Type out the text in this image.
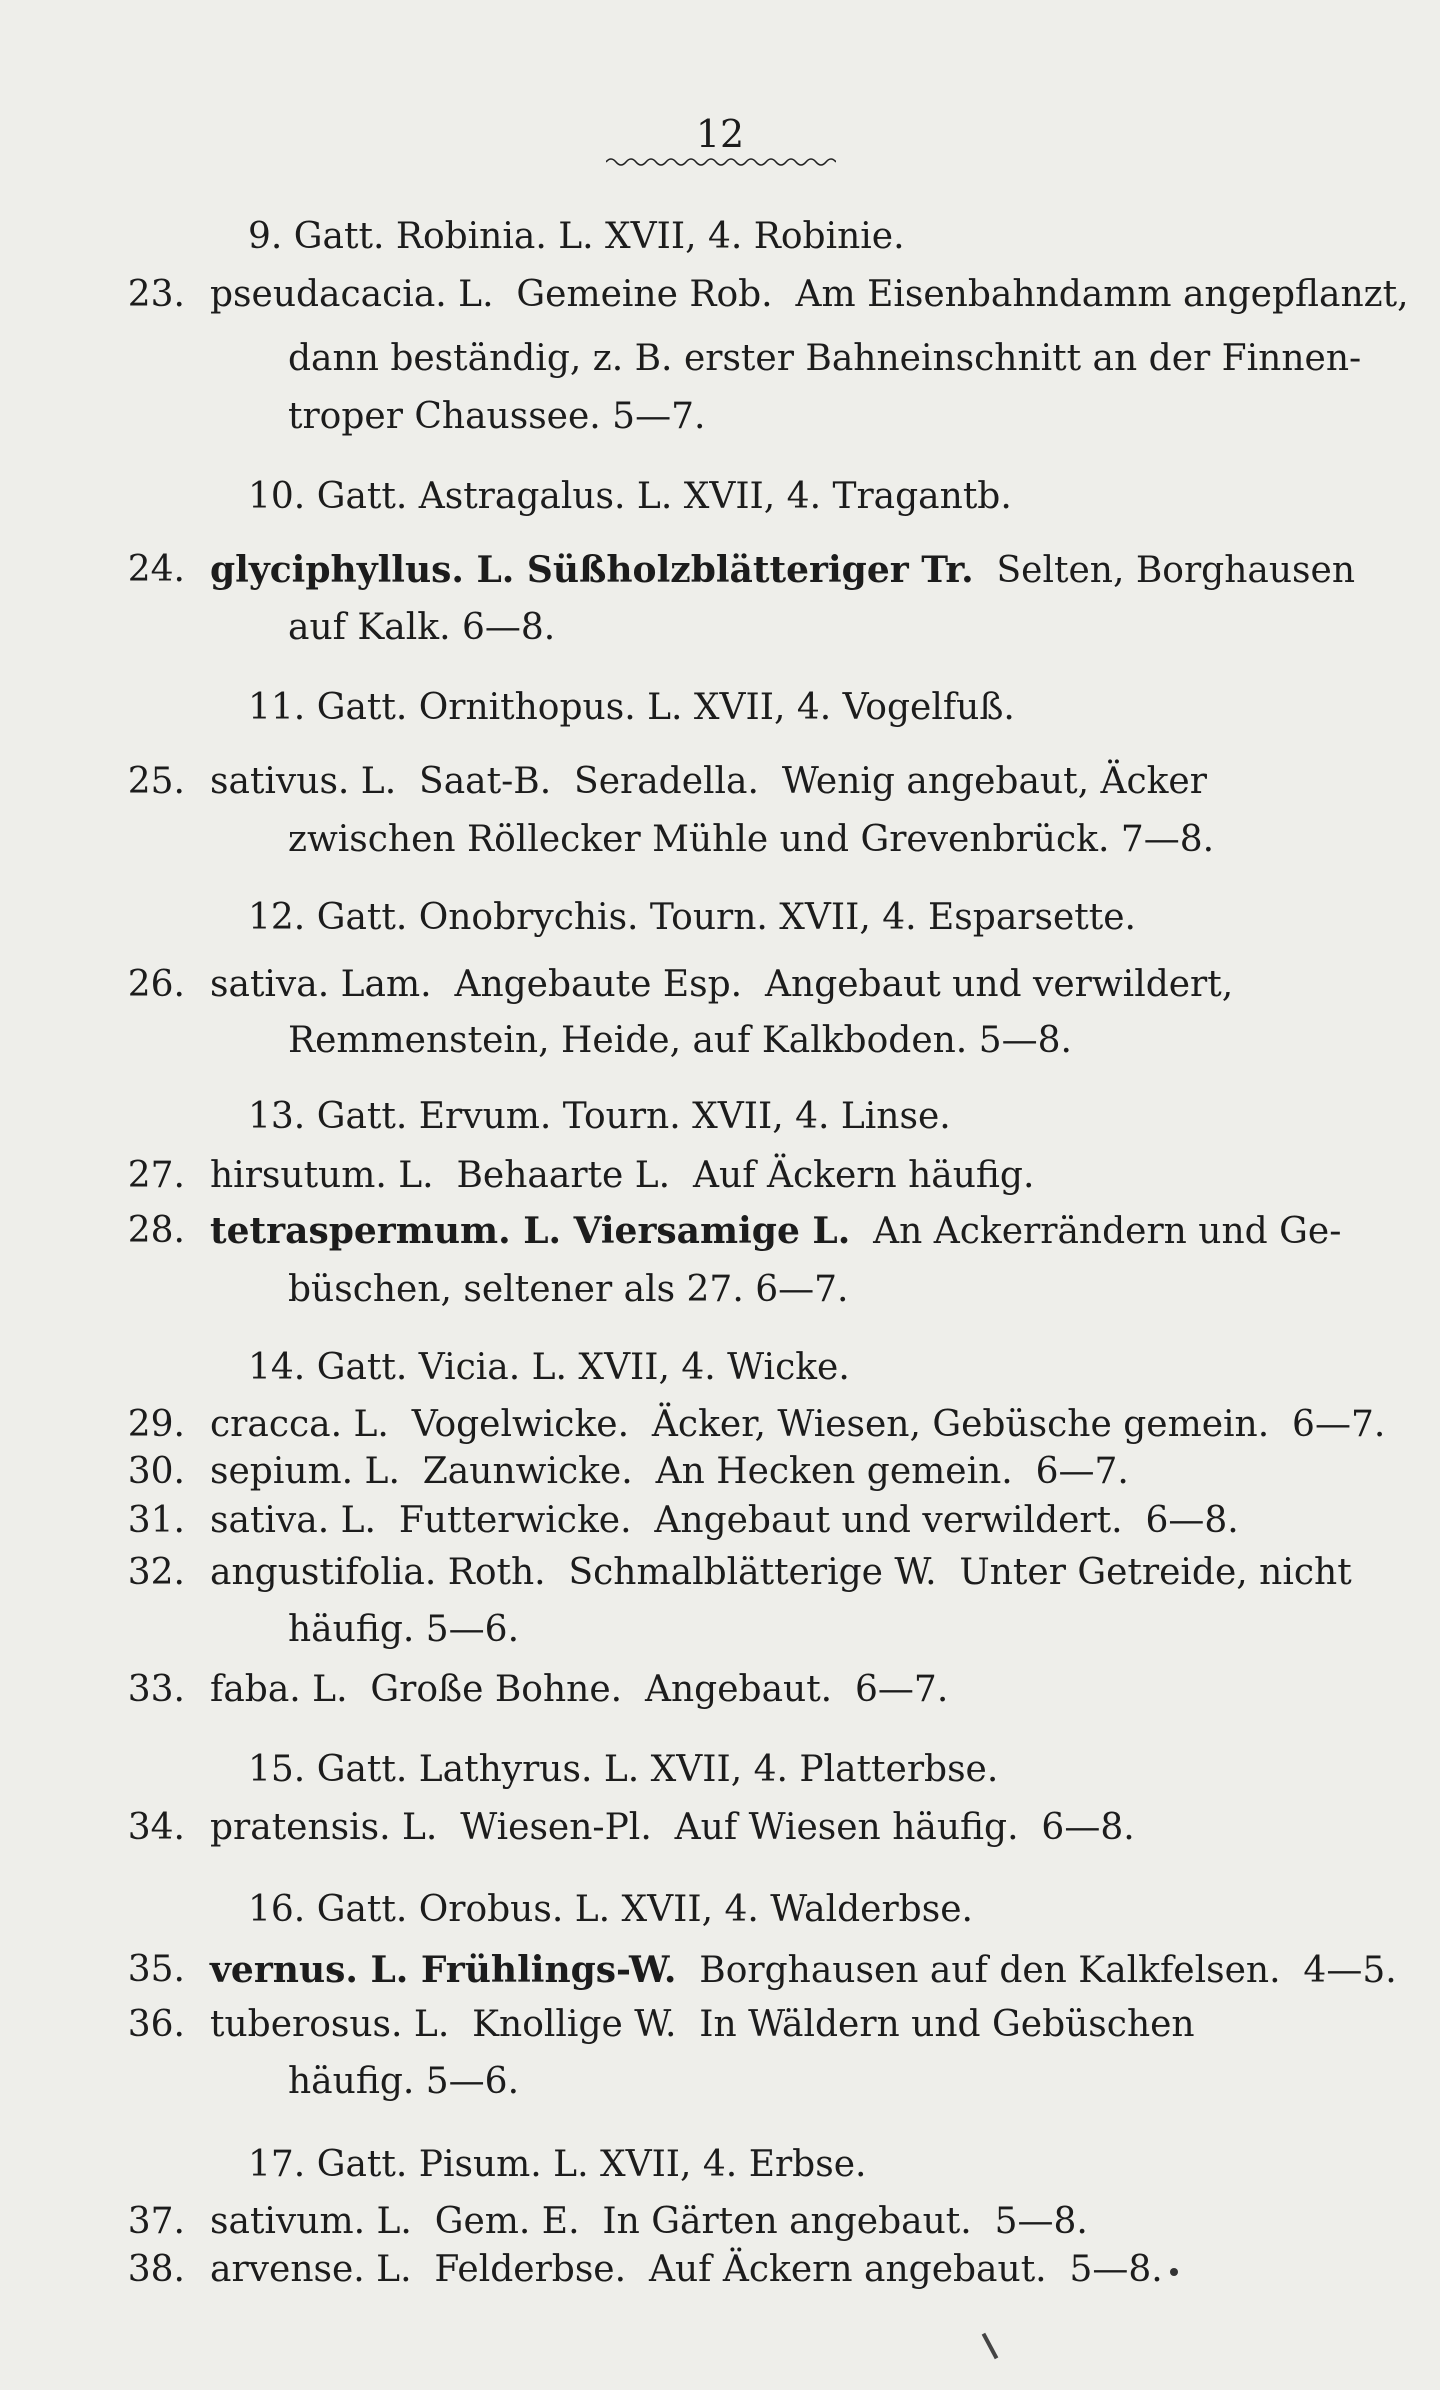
12
9. Gatt. Robinia. L. XVII, 4. Robinie.
23. pseudacacia. L.  Gemeine Rob.  Am Eisenbahndamm angepflanzt,
dann beständig, z. B. erster Bahneinschnitt an der Finnen-
troper Chaussee. 5—7.
10. Gatt. Astragalus. L. XVII, 4. Tragantb.
24. glyciphyllus. L. Süßholzblätteriger Tr.  Selten, Borghausen
auf Kalk. 6—8.
11. Gatt. Ornithopus. L. XVII, 4. Vogelfuß.
25. sativus. L.  Saat-B.  Seradella.  Wenig angebaut, Äcker
zwischen Röllecker Mühle und Grevenbrück. 7—8.
12. Gatt. Onobrychis. Tourn. XVII, 4. Esparsette.
26. sativa. Lam.  Angebaute Esp.  Angebaut und verwildert,
Remmenstein, Heide, auf Kalkboden. 5—8.
13. Gatt. Ervum. Tourn. XVII, 4. Linse.
27. hirsutum. L.  Behaarte L.  Auf Äckern häufig.
28. tetraspermum. L. Viersamige L.  An Ackerrändern und Ge-
büschen, seltener als 27. 6—7.
14. Gatt. Vicia. L. XVII, 4. Wicke.
29. cracca. L.  Vogelwicke.  Äcker, Wiesen, Gebüsche gemein.  6—7.
30. sepium. L.  Zaunwicke.  An Hecken gemein.  6—7.
31. sativa. L.  Futterwicke.  Angebaut und verwildert.  6—8.
32. angustifolia. Roth.  Schmalblätterige W.  Unter Getreide, nicht
häufig. 5—6.
33. faba. L.  Große Bohne.  Angebaut.  6—7.
15. Gatt. Lathyrus. L. XVII, 4. Platterbse.
34. pratensis. L.  Wiesen-Pl.  Auf Wiesen häufig.  6—8.
16. Gatt. Orobus. L. XVII, 4. Walderbse.
35. vernus. L. Frühlings-W.  Borghausen auf den Kalkfelsen.  4—5.
36. tuberosus. L.  Knollige W.  In Wäldern und Gebüschen
häufig. 5—6.
17. Gatt. Pisum. L. XVII, 4. Erbse.
37. sativum. L.  Gem. E.  In Gärten angebaut.  5—8.
38. arvense. L.  Felderbse.  Auf Äckern angebaut.  5—8.
